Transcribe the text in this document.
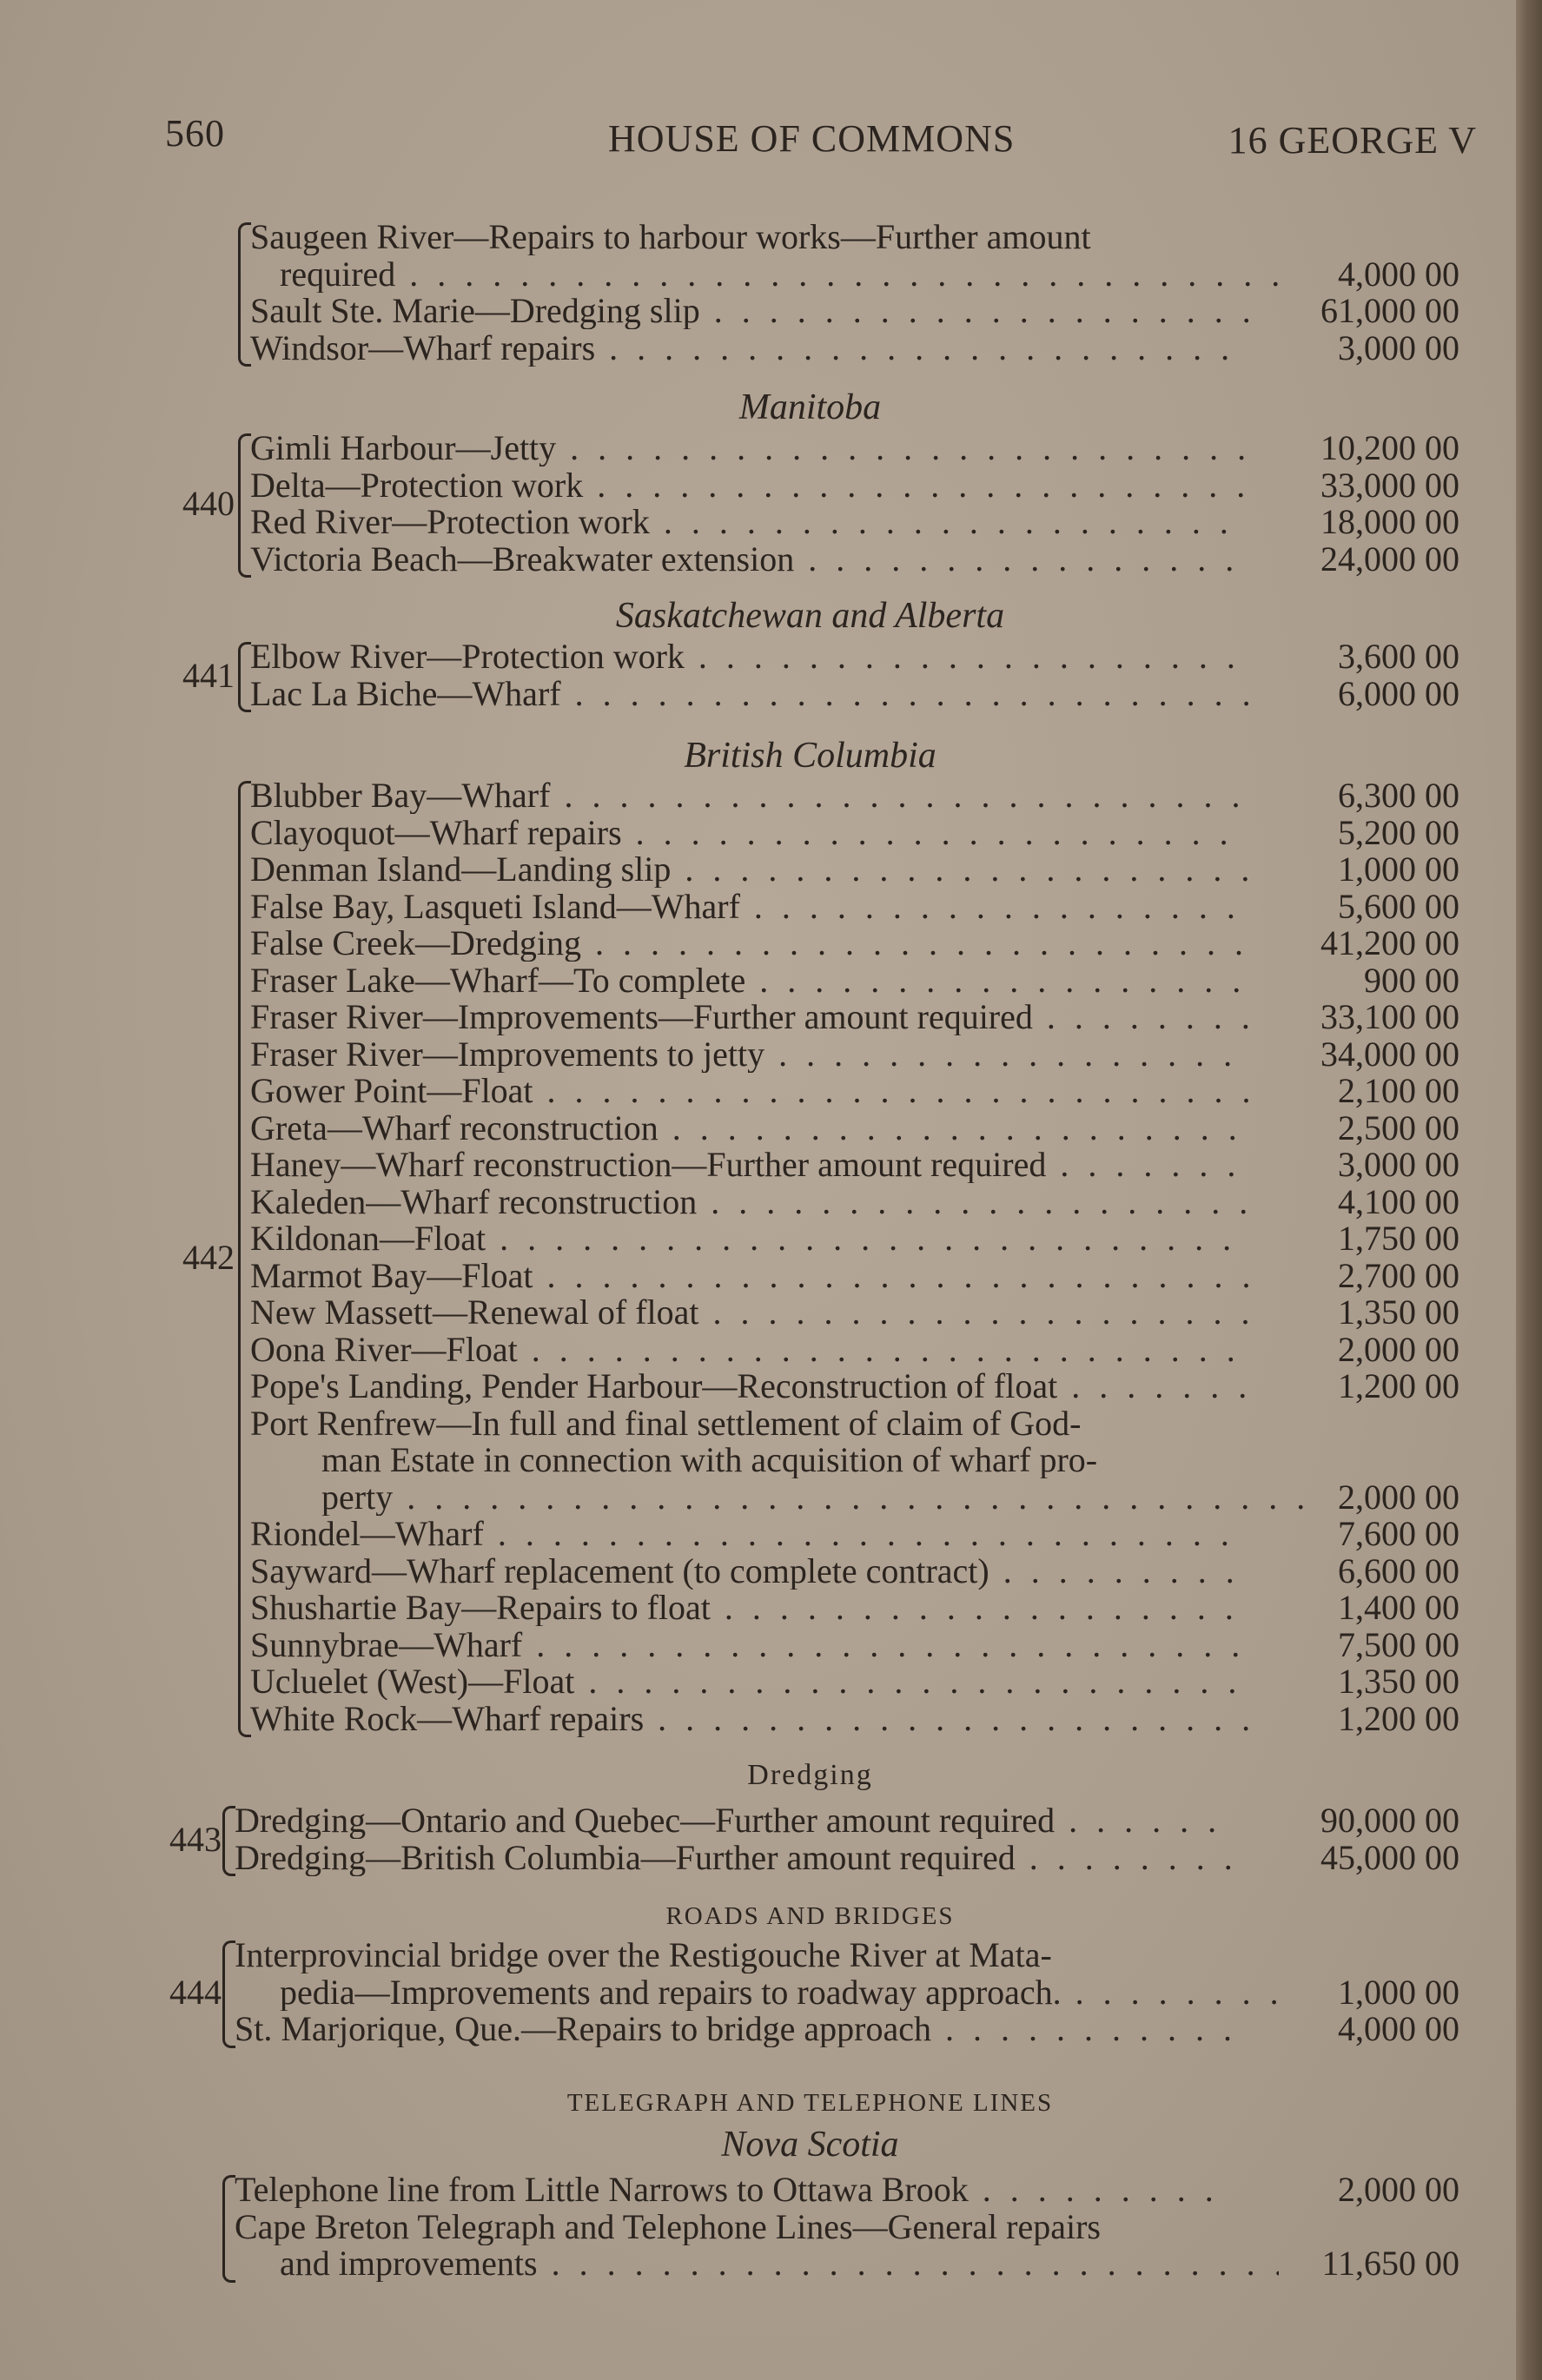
560	HOUSE OF COMMONS	16 GEORGE V
Saugeen River—Repairs to harbour works—Further amount
required . . .	4,000 00
Sault Ste. Marie—Dredging slip . . .	61,000 00
Windsor—Wharf repairs . . .	3,000 00
Manitoba
Gimli Harbour—Jetty . . .	10,200 00
Delta—Protection work . . .	33,000 00
Red River—Protection work . . .	18,000 00
Victoria Beach—Breakwater extension . . .	24,000 00
440
Saskatchewan and Alberta
Elbow River—Protection work . . .	3,600 00
Lac La Biche—Wharf . . .	6,000 00
441
British Columbia
Blubber Bay—Wharf . . .	6,300 00
Clayoquot—Wharf repairs . . .	5,200 00
Denman Island—Landing slip . . .	1,000 00
False Bay, Lasqueti Island—Wharf . . .	5,600 00
False Creek—Dredging . . .	41,200 00
Fraser Lake—Wharf—To complete . . .	900 00
Fraser River—Improvements—Further amount required . . .	33,100 00
Fraser River—Improvements to jetty . . .	34,000 00
Gower Point—Float . . .	2,100 00
Greta—Wharf reconstruction . . .	2,500 00
Haney—Wharf reconstruction—Further amount required . . .	3,000 00
Kaleden—Wharf reconstruction . . .	4,100 00
Kildonan—Float . . .	1,750 00
Marmot Bay—Float . . .	2,700 00
New Massett—Renewal of float . . .	1,350 00
Oona River—Float . . .	2,000 00
Pope's Landing, Pender Harbour—Reconstruction of float . . .	1,200 00
Port Renfrew—In full and final settlement of claim of God-
man Estate in connection with acquisition of wharf pro-
perty . . .	2,000 00
Riondel—Wharf . . .	7,600 00
Sayward—Wharf replacement (to complete contract) . . .	6,600 00
Shushartie Bay—Repairs to float . . .	1,400 00
Sunnybrae—Wharf . . .	7,500 00
Ucluelet (West)—Float . . .	1,350 00
White Rock—Wharf repairs . . .	1,200 00
442
Dredging
Dredging—Ontario and Quebec—Further amount required . . .	90,000 00
Dredging—British Columbia—Further amount required . . .	45,000 00
443
ROADS AND BRIDGES
Interprovincial bridge over the Restigouche River at Mata-
pedia—Improvements and repairs to roadway approach. . . .	1,000 00
St. Marjorique, Que.—Repairs to bridge approach . . .	4,000 00
444
TELEGRAPH AND TELEPHONE LINES
Nova Scotia
Telephone line from Little Narrows to Ottawa Brook . . .	2,000 00
Cape Breton Telegraph and Telephone Lines—General repairs
and improvements . . .	11,650 00
